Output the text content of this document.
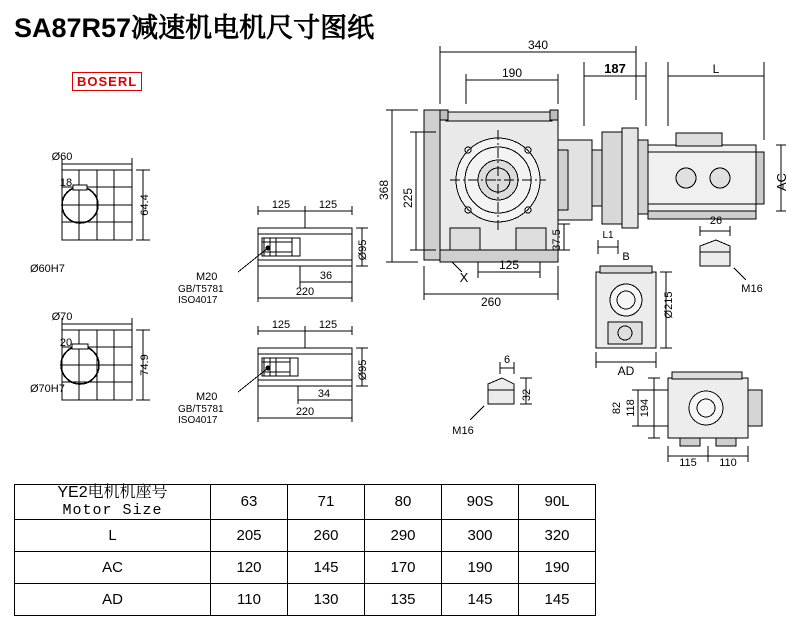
SA87R57减速机电机尺寸图纸
BOSERL
340
190	187	L
368 225
260
125
37.5
X
AC
L1
B
Ø215
AD
26
M16
6
32
M16
194
118
82
115 110
18
64.4
Ø60
Ø60H7
20
74.9
Ø70
Ø70H7
125	125
36
220
Ø95
M20
GB/T5781
ISO4017
125	125
34
220
Ø95
M20
GB/T5781
ISO4017
YE2电机机座号
Motor Size	63	71	80	90S	90L
L	205	260	290	300	320
AC	120	145	170	190	190
AD	110	130	135	145	145
